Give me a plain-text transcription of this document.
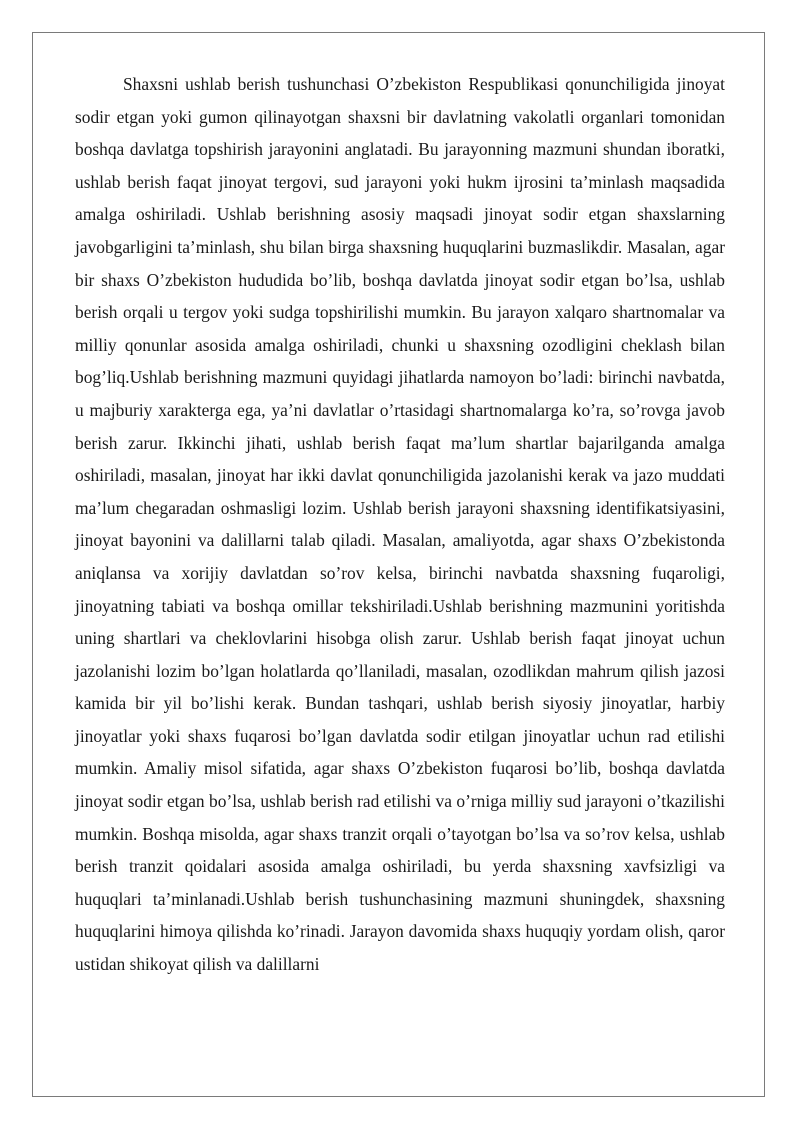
Shaxsni ushlab berish tushunchasi O’zbekiston Respublikasi qonunchiligida jinoyat sodir etgan yoki gumon qilinayotgan shaxsni bir davlatning vakolatli organlari tomonidan boshqa davlatga topshirish jarayonini anglatadi. Bu jarayonning mazmuni shundan iboratki, ushlab berish faqat jinoyat tergovi, sud jarayoni yoki hukm ijrosini ta’minlash maqsadida amalga oshiriladi. Ushlab berishning asosiy maqsadi jinoyat sodir etgan shaxslarning javobgarligini ta’minlash, shu bilan birga shaxsning huquqlarini buzmaslikdir. Masalan, agar bir shaxs O’zbekiston hududida bo’lib, boshqa davlatda jinoyat sodir etgan bo’lsa, ushlab berish orqali u tergov yoki sudga topshirilishi mumkin. Bu jarayon xalqaro shartnomalar va milliy qonunlar asosida amalga oshiriladi, chunki u shaxsning ozodligini cheklash bilan bog’liq.Ushlab berishning mazmuni quyidagi jihatlarda namoyon bo’ladi: birinchi navbatda, u majburiy xarakterga ega, ya’ni davlatlar o’rtasidagi shartnomalarga ko’ra, so’rovga javob berish zarur. Ikkinchi jihati, ushlab berish faqat ma’lum shartlar bajarilganda amalga oshiriladi, masalan, jinoyat har ikki davlat qonunchiligida jazolanishi kerak va jazo muddati ma’lum chegaradan oshmasligi lozim. Ushlab berish jarayoni shaxsning identifikatsiyasini, jinoyat bayonini va dalillarni talab qiladi. Masalan, amaliyotda, agar shaxs O’zbekistonda aniqlansa va xorijiy davlatdan so’rov kelsa, birinchi navbatda shaxsning fuqaroligi, jinoyatning tabiati va boshqa omillar tekshiriladi.Ushlab berishning mazmunini yoritishda uning shartlari va cheklovlarini hisobga olish zarur. Ushlab berish faqat jinoyat uchun jazolanishi lozim bo’lgan holatlarda qo’llaniladi, masalan, ozodlikdan mahrum qilish jazosi kamida bir yil bo’lishi kerak. Bundan tashqari, ushlab berish siyosiy jinoyatlar, harbiy jinoyatlar yoki shaxs fuqarosi bo’lgan davlatda sodir etilgan jinoyatlar uchun rad etilishi mumkin. Amaliy misol sifatida, agar shaxs O’zbekiston fuqarosi bo’lib, boshqa davlatda jinoyat sodir etgan bo’lsa, ushlab berish rad etilishi va o’rniga milliy sud jarayoni o’tkazilishi mumkin. Boshqa misolda, agar shaxs tranzit orqali o’tayotgan bo’lsa va so’rov kelsa, ushlab berish tranzit qoidalari asosida amalga oshiriladi, bu yerda shaxsning xavfsizligi va huquqlari ta’minlanadi.Ushlab berish tushunchasining mazmuni shuningdek, shaxsning huquqlarini himoya qilishda ko’rinadi. Jarayon davomida shaxs huquqiy yordam olish, qaror ustidan shikoyat qilish va dalillarni
